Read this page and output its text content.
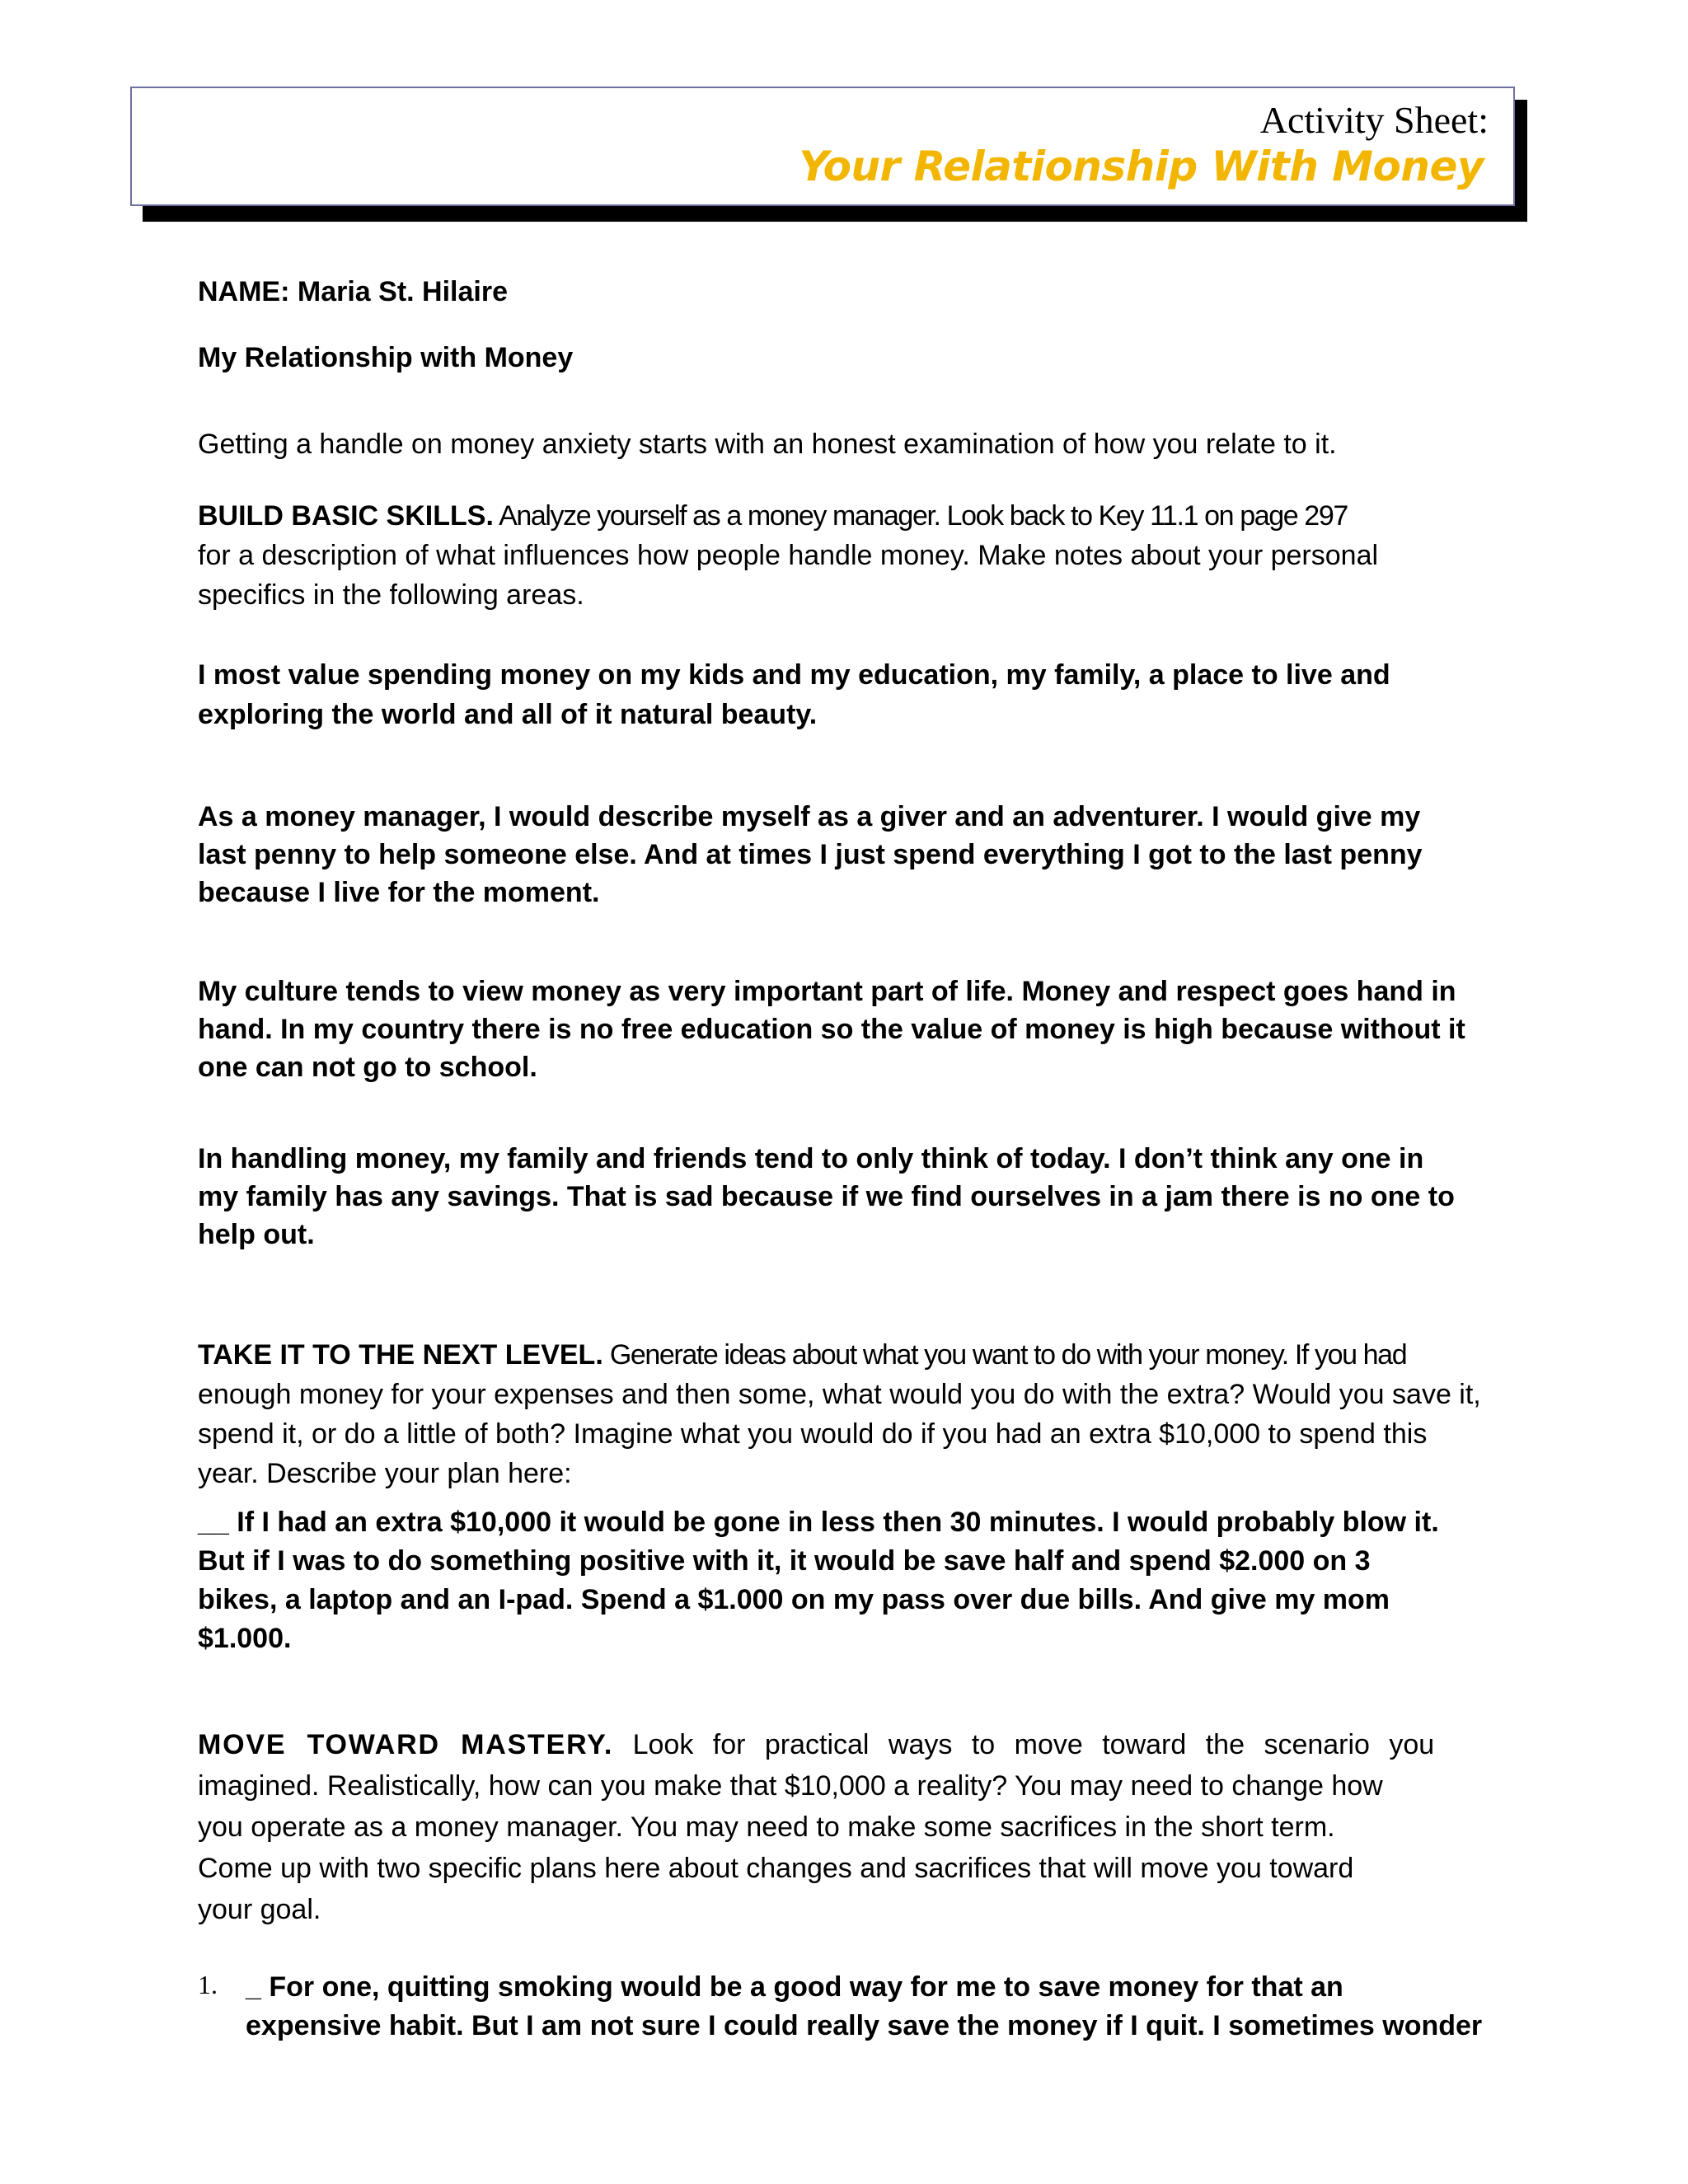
Activity Sheet:
Your Relationship With Money
NAME: Maria St. Hilaire
My Relationship with Money
Getting a handle on money anxiety starts with an honest examination of how you relate to it.
BUILD BASIC SKILLS. Analyze yourself as a money manager. Look back to Key 11.1 on page 297
for a description of what influences how people handle money. Make notes about your personal
specifics in the following areas.
I most value spending money on my kids and my education, my family, a place to live and
exploring the world and all of it natural beauty.
As a money manager, I would describe myself as a giver and an adventurer. I would give my
last penny to help someone else. And at times I just spend everything I got to the last penny
because I live for the moment.
My culture tends to view money as very important part of life. Money and respect goes hand in
hand. In my country there is no free education so the value of money is high because without it
one can not go to school.
In handling money, my family and friends tend to only think of today. I don’t think any one in
my family has any savings. That is sad because if we find ourselves in a jam there is no one to
help out.
TAKE IT TO THE NEXT LEVEL. Generate ideas about what you want to do with your money. If you had
enough money for your expenses and then some, what would you do with the extra? Would you save it,
spend it, or do a little of both? Imagine what you would do if you had an extra $10,000 to spend this
year. Describe your plan here:
__ If I had an extra $10,000 it would be gone in less then 30 minutes. I would probably blow it.
But if I was to do something positive with it, it would be save half and spend $2.000 on 3
bikes, a laptop and an I-pad. Spend a $1.000 on my pass over due bills. And give my mom
$1.000.
MOVE TOWARD MASTERY. Look for practical ways to move toward the scenario you
imagined. Realistically, how can you make that $10,000 a reality? You may need to change how
you operate as a money manager. You may need to make some sacrifices in the short term.
Come up with two specific plans here about changes and sacrifices that will move you toward
your goal.
1. _ For one, quitting smoking would be a good way for me to save money for that an
expensive habit. But I am not sure I could really save the money if I quit. I sometimes wonder
